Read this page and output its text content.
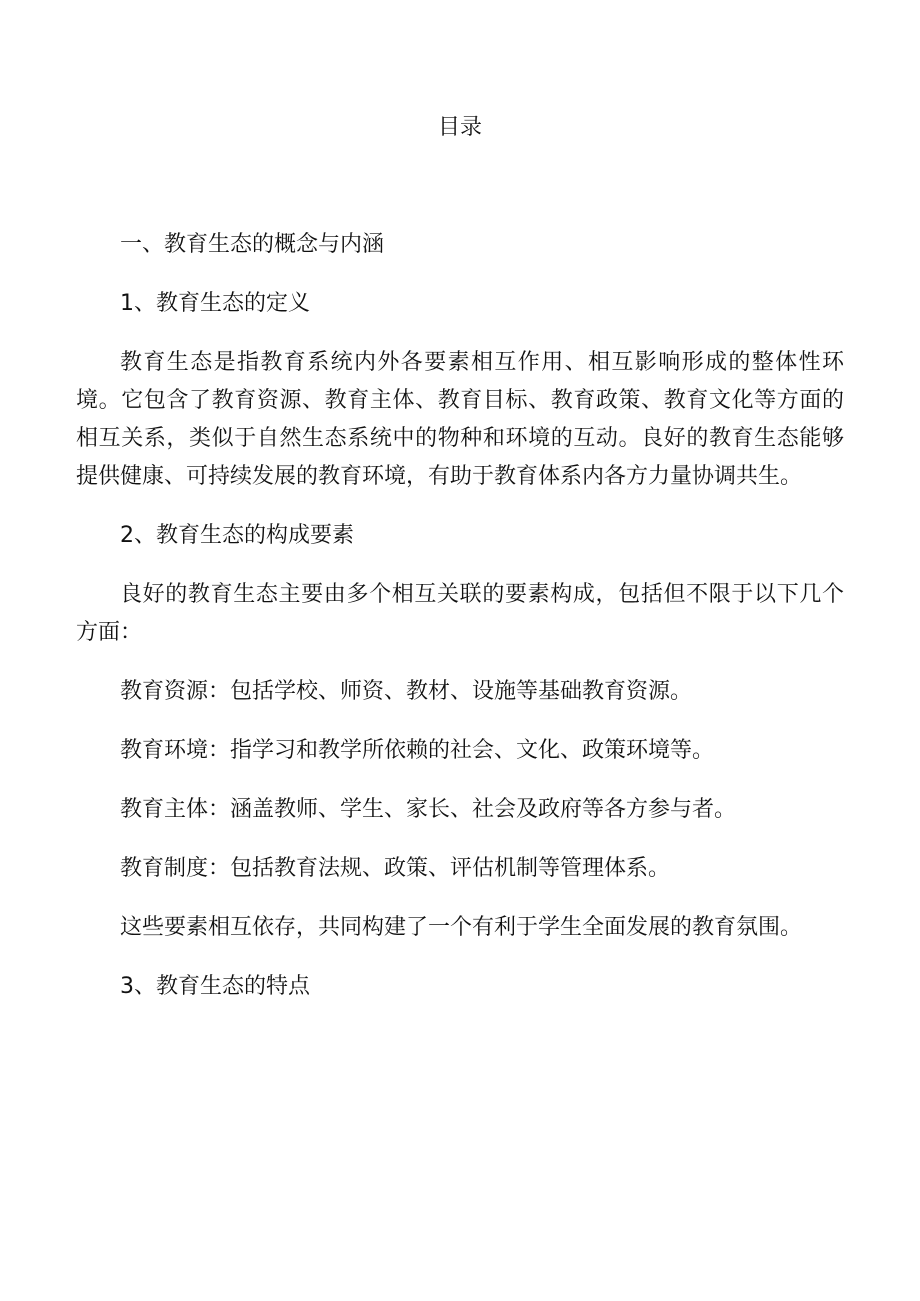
目录

一、教育生态的概念与内涵

1、教育生态的定义

教育生态是指教育系统内外各要素相互作用、相互影响形成的整体性环境。它包含了教育资源、教育主体、教育目标、教育政策、教育文化等方面的相互关系，类似于自然生态系统中的物种和环境的互动。良好的教育生态能够提供健康、可持续发展的教育环境，有助于教育体系内各方力量协调共生。

2、教育生态的构成要素

良好的教育生态主要由多个相互关联的要素构成，包括但不限于以下几个方面：

教育资源：包括学校、师资、教材、设施等基础教育资源。

教育环境：指学习和教学所依赖的社会、文化、政策环境等。

教育主体：涵盖教师、学生、家长、社会及政府等各方参与者。

教育制度：包括教育法规、政策、评估机制等管理体系。

这些要素相互依存，共同构建了一个有利于学生全面发展的教育氛围。

3、教育生态的特点
